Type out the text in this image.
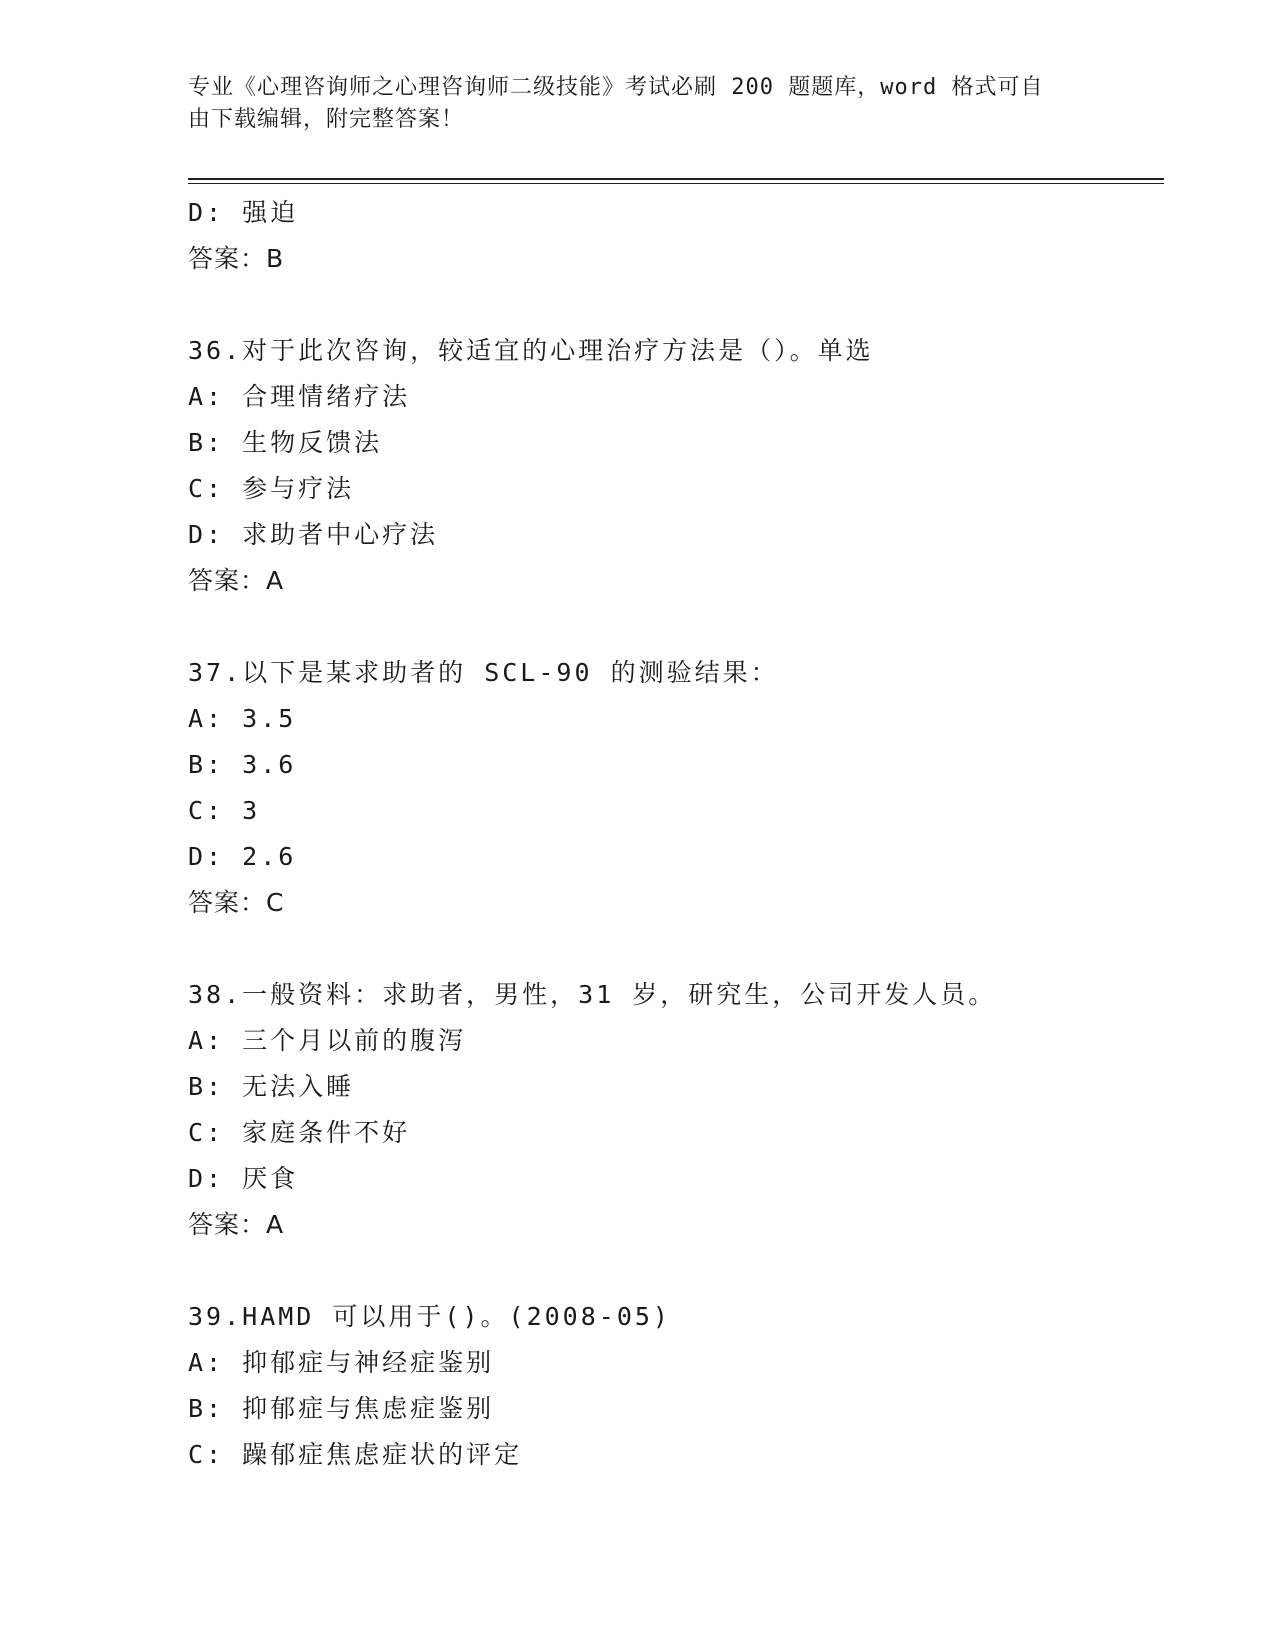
专业《心理咨询师之心理咨询师二级技能》考试必刷 200 题题库，word 格式可自
由下载编辑，附完整答案！
D: 强迫
答案：B
36.对于此次咨询，较适宜的心理治疗方法是（）。单选
A: 合理情绪疗法
B: 生物反馈法
C: 参与疗法
D: 求助者中心疗法
答案：A
37.以下是某求助者的 SCL-90 的测验结果：
A: 3.5
B: 3.6
C: 3
D: 2.6
答案：C
38.一般资料：求助者，男性，31 岁，研究生，公司开发人员。
A: 三个月以前的腹泻
B: 无法入睡
C: 家庭条件不好
D: 厌食
答案：A
39.HAMD 可以用于()。(2008-05)
A: 抑郁症与神经症鉴别
B: 抑郁症与焦虑症鉴别
C: 躁郁症焦虑症状的评定
